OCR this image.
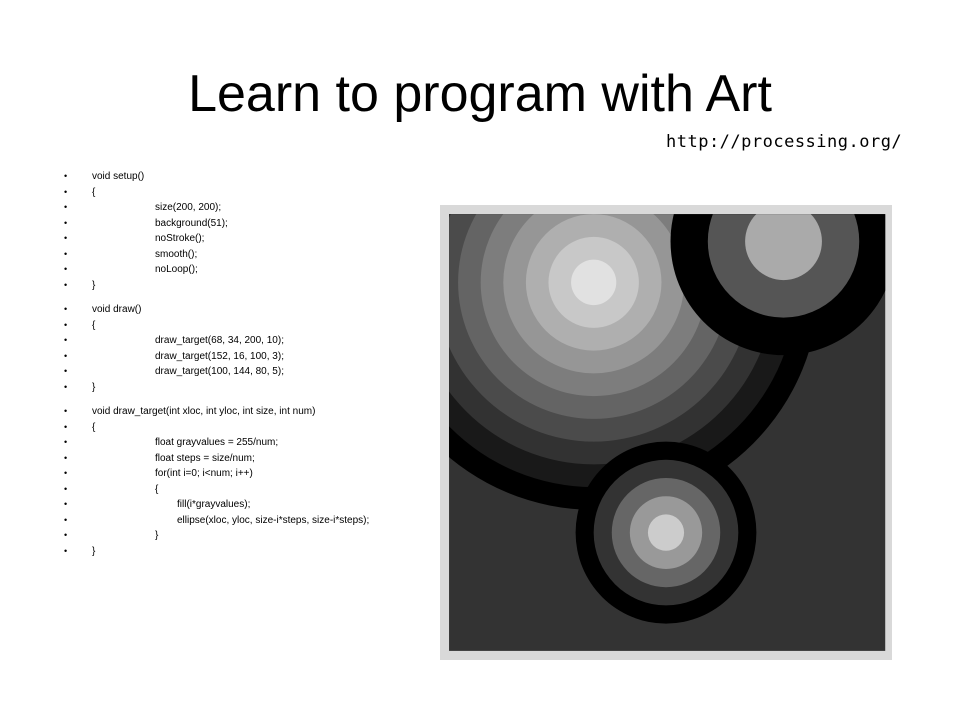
Learn to program with Art
http://processing.org/
•	void setup()
•	{
•	size(200, 200);
•	background(51);
•	noStroke();
•	smooth();
•	noLoop();
•	}
•	void draw()
•	{
•	draw_target(68, 34, 200, 10);
•	draw_target(152, 16, 100, 3);
•	draw_target(100, 144, 80, 5);
•	}
•	void draw_target(int xloc, int yloc, int size, int num)
•	{
•	float grayvalues = 255/num;
•	float steps = size/num;
•	for(int i=0; i<num; i++)
•	{
•	fill(i*grayvalues);
•	ellipse(xloc, yloc, size-i*steps, size-i*steps);
•	}
•	}
